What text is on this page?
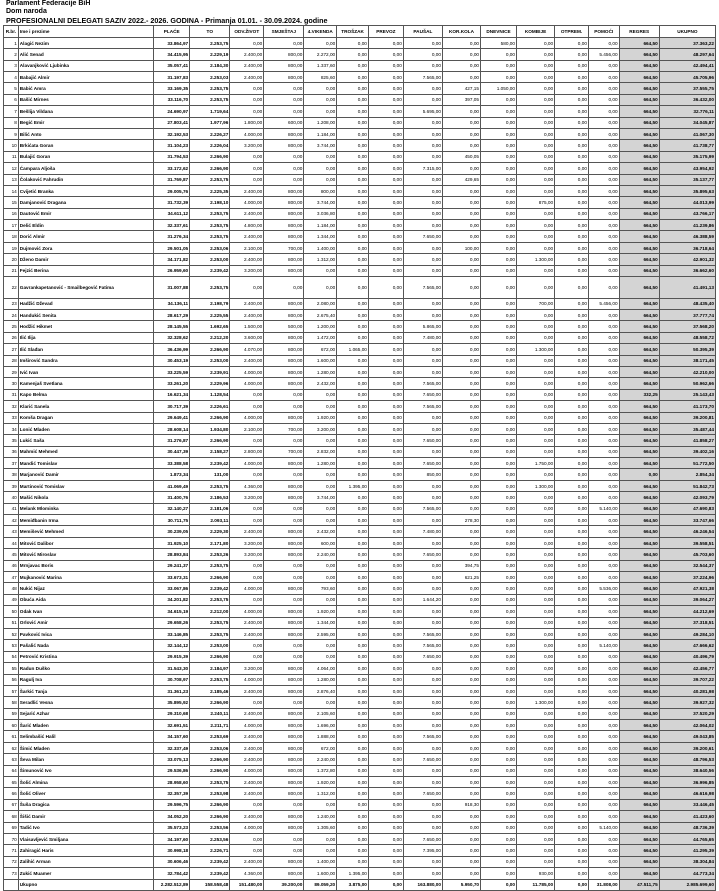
Parlament Federacije BiH
Dom naroda
PROFESIONALNI DELEGATI SAZIV 2022.- 2026. GODINA - Primanja 01.01. - 30.09.2024. godine
R.br.	Ime i prezime	PLAĆE	TO	ODV.ŽIVOT	SMJEŠTAJ	4.VIKENDA	TROŠZAK	PREVOZ	PAUŠAL	KOR.KOLA	DNEVNICE	KOMBIJE	OTPREM.	POMOĆI	REGRES	UKUPNO
1	Alagić Nezim	33.864,97	2.253,75	0,00	0,00	0,00	0,00	0,00	0,00	0,00	580,00	0,00	0,00	0,00	664,50	37.363,22
2	Alić Senad	34.415,95	2.229,19	2.400,00	800,00	2.272,00	0,00	0,00	0,00	0,00	0,00	0,00	0,00	5.456,00	664,50	48.297,64
3	Alavanjković Ljubinka	35.057,41	2.184,30	2.400,00	800,00	1.337,60	0,00	0,00	0,00	0,00	0,00	0,00	0,00	0,00	664,50	42.494,41
4	Babajić Almir	31.197,83	2.253,03	2.400,00	800,00	825,60	0,00	0,00	7.565,00	0,00	0,00	0,00	0,00	0,00	664,50	45.705,96
5	Babić Amra	33.169,35	2.253,75	0,00	0,00	0,00	0,00	0,00	0,00	427,15	1.050,00	0,00	0,00	0,00	664,50	37.555,75
6	Bašić Mirnes	33.116,70	2.253,75	0,00	0,00	0,00	0,00	0,00	0,00	397,05	0,00	0,00	0,00	0,00	664,50	36.432,00
7	Bešlija Vildana	24.690,97	1.719,64	0,00	0,00	0,00	0,00	0,00	5.695,00	0,00	0,00	0,00	0,00	0,00	664,50	32.776,11
8	Begić Emir	27.803,41	1.977,96	1.800,00	600,00	1.208,00	0,00	0,00	0,00	0,00	0,00	0,00	0,00	0,00	664,50	34.045,87
9	Bilić Anto	32.192,53	2.226,27	4.000,00	800,00	1.184,00	0,00	0,00	0,00	0,00	0,00	0,00	0,00	0,00	664,50	41.067,30
10	Brkićata Goran	31.104,23	2.226,04	3.200,00	800,00	3.744,00	0,00	0,00	0,00	0,00	0,00	0,00	0,00	0,00	664,50	41.738,77
11	Bulajić Goran	31.794,53	2.266,90	0,00	0,00	0,00	0,00	0,00	0,00	450,05	0,00	0,00	0,00	0,00	664,50	35.175,99
12	Ćampara Aljoša	33.172,62	2.266,90	0,00	0,00	0,00	0,00	0,00	7.315,00	0,00	0,00	0,00	0,00	0,00	664,50	43.954,92
13	Čolaković Fahrudin	31.769,87	2.253,75	0,00	0,00	0,00	0,00	0,00	0,00	429,65	0,00	0,00	0,00	0,00	664,50	35.137,77
14	Cvijetić Branka	29.005,76	2.225,35	2.400,00	800,00	800,00	0,00	0,00	0,00	0,00	0,00	0,00	0,00	0,00	664,50	35.895,63
15	Damjanović Dragana	31.732,39	2.198,10	4.000,00	800,00	3.744,00	0,00	0,00	0,00	0,00	0,00	875,00	0,00	0,00	664,50	44.013,99
16	Dautović Emir	34.611,12	2.253,75	2.400,00	800,00	3.036,80	0,00	0,00	0,00	0,00	0,00	0,00	0,00	0,00	664,50	43.766,17
17	Delić Eldin	32.337,61	2.253,75	4.800,00	800,00	1.184,00	0,00	0,00	0,00	0,00	0,00	0,00	0,00	0,00	664,50	41.239,86
18	Dorić Almir	31.276,34	2.253,75	2.400,00	800,00	1.344,00	0,00	0,00	7.650,00	0,00	0,00	0,00	0,00	0,00	664,50	46.388,59
19	Dujmović Zora	29.501,05	2.253,06	2.100,00	700,00	1.400,00	0,00	0,00	0,00	100,00	0,00	0,00	0,00	0,00	664,50	36.718,64
20	Dženo Damir	34.171,82	2.253,00	2.400,00	800,00	1.312,00	0,00	0,00	0,00	0,00	0,00	1.300,00	0,00	0,00	664,50	42.901,32
21	Fejzić Berina	26.959,60	2.239,42	3.200,00	800,00	0,00	0,00	0,00	0,00	0,00	0,00	0,00	0,00	0,00	664,50	36.662,60
22	Gavrankapetanović - Smailbegović Fatima	31.007,88	2.253,75	0,00	0,00	0,00	0,00	0,00	7.565,00	0,00	0,00	0,00	0,00	0,00	664,50	41.491,13
23	Hadžić Dževad	34.136,11	2.198,79	2.400,00	800,00	2.080,00	0,00	0,00	0,00	0,00	0,00	700,00	0,00	5.456,00	664,50	48.435,40
24	Handukić Senita	28.617,29	2.225,55	2.400,00	800,00	2.675,40	0,00	0,00	0,00	0,00	0,00	0,00	0,00	0,00	664,50	37.777,74
25	Hodžić Hikmet	28.145,55	1.692,65	1.500,00	500,00	1.200,00	0,00	0,00	5.865,00	0,00	0,00	0,00	0,00	0,00	664,50	37.568,20
26	Ilić Ilija	32.328,62	2.212,20	3.600,00	800,00	1.472,00	0,00	0,00	7.480,00	0,00	0,00	0,00	0,00	0,00	664,50	48.558,72
27	Ilić Slađan	36.436,99	2.266,90	4.070,00	800,00	672,00	1.065,00	0,00	0,00	0,00	0,00	1.300,00	0,00	0,00	664,50	50.395,39
28	Imširović Sandra	30.453,19	2.253,00	2.400,00	800,00	1.600,00	0,00	0,00	0,00	0,00	0,00	0,00	0,00	0,00	664,50	38.171,45
29	Ivić Ivan	33.225,59	2.239,91	4.000,00	800,00	1.280,00	0,00	0,00	0,00	0,00	0,00	0,00	0,00	0,00	664,50	42.210,00
30	Kamenjaš Svetlana	33.261,20	2.229,96	4.000,00	800,00	2.432,00	0,00	0,00	7.565,00	0,00	0,00	0,00	0,00	0,00	664,50	50.962,66
31	Kapo Belma	16.621,34	1.128,54	0,00	0,00	0,00	0,00	0,00	7.650,00	0,00	0,00	0,00	0,00	0,00	332,25	25.143,43
32	Klarić Sanela	30.717,39	2.226,61	0,00	0,00	0,00	0,00	0,00	7.565,00	0,00	0,00	0,00	0,00	0,00	664,50	41.173,70
33	Komša Dragan	29.649,41	2.266,90	4.000,00	800,00	1.920,00	0,00	0,00	0,00	0,00	0,00	0,00	0,00	0,00	664,50	39.200,81
34	Lonić Mladen	28.608,14	1.934,80	2.100,00	700,00	3.200,00	0,00	0,00	0,00	0,00	0,00	0,00	0,00	0,00	664,50	35.487,44
35	Lukić Saša	31.276,87	2.266,90	0,00	0,00	0,00	0,00	0,00	7.650,00	0,00	0,00	0,00	0,00	0,00	664,50	41.858,27
36	Mahmić Mehmed	30.447,39	2.158,27	2.800,00	700,00	2.832,00	0,00	0,00	0,00	0,00	0,00	0,00	0,00	0,00	664,50	39.402,16
37	Mandić Tomislav	33.388,58	2.239,42	4.000,00	800,00	1.280,00	0,00	0,00	7.650,00	0,00	0,00	1.750,00	0,00	0,00	664,50	51.772,50
38	Marjanović Damir	1.873,34	131,00	0,00	0,00	0,00	0,00	0,00	850,00	0,00	0,00	0,00	0,00	0,00	0,00	2.854,34
39	Martinović Tomislav	41.069,49	2.253,75	4.360,00	800,00	0,00	1.395,00	0,00	0,00	0,00	0,00	1.300,00	0,00	0,00	664,50	51.842,73
40	Mašić Nikola	31.400,76	2.186,53	3.200,00	800,00	3.744,00	0,00	0,00	0,00	0,00	0,00	0,00	0,00	0,00	664,50	42.093,79
41	Melank Mlominka	32.140,27	2.181,06	0,00	0,00	0,00	0,00	0,00	7.565,00	0,00	0,00	0,00	0,00	5.140,00	664,50	47.690,83
42	Memiđbanin Irma	30.711,75	2.093,11	0,00	0,00	0,00	0,00	0,00	0,00	278,30	0,00	0,00	0,00	0,00	664,50	33.747,66
43	Memišević Mehmed	30.239,05	2.229,30	2.400,00	800,00	2.432,00	0,00	0,00	7.480,00	0,00	0,00	0,00	0,00	0,00	664,50	46.246,54
44	Mitović Dalibor	31.925,10	2.171,80	3.200,00	800,00	600,00	0,00	0,00	0,00	0,00	0,00	0,00	0,00	0,00	664,50	39.558,51
45	Mitović Miroslav	28.893,84	2.253,26	3.200,00	800,00	2.240,00	0,00	0,00	7.650,00	0,00	0,00	0,00	0,00	0,00	664,50	45.703,60
46	Mrnjavac Boris	29.241,37	2.253,75	0,00	0,00	0,00	0,00	0,00	0,00	394,75	0,00	0,00	0,00	0,00	664,50	32.544,37
47	Mujkanović Marina	33.673,31	2.266,90	0,00	0,00	0,00	0,00	0,00	0,00	621,25	0,00	0,00	0,00	0,00	664,50	37.224,96
48	Nukić Nijaz	33.067,86	2.239,42	4.000,00	800,00	793,60	0,00	0,00	0,00	0,00	0,00	0,00	0,00	5.536,00	664,50	47.921,38
49	Obuća Aida	34.201,82	2.253,75	0,00	0,00	0,00	0,00	0,00	1.644,20	0,00	0,00	0,00	0,00	0,00	664,50	39.064,27
50	Odak Ivan	34.615,19	2.212,00	4.000,00	800,00	1.920,00	0,00	0,00	0,00	0,00	0,00	0,00	0,00	0,00	664,50	44.212,69
51	Orlović Amir	29.658,26	2.253,75	2.400,00	800,00	1.344,00	0,00	0,00	0,00	0,00	0,00	0,00	0,00	0,00	664,50	37.318,51
52	Pavković Ivica	33.146,85	2.253,75	2.400,00	800,00	2.595,00	0,00	0,00	7.565,00	0,00	0,00	0,00	0,00	0,00	664,50	49.284,10
53	Pašalić Nada	32.144,12	2.253,00	0,00	0,00	0,00	0,00	0,00	7.565,00	0,00	0,00	0,00	0,00	5.140,00	664,50	47.666,62
54	Petrović Kristina	29.915,39	2.266,90	0,00	0,00	0,00	0,00	0,00	7.650,00	0,00	0,00	0,00	0,00	0,00	664,50	40.496,79
55	Radun Duško	31.543,30	2.184,97	3.200,00	800,00	4.064,00	0,00	0,00	0,00	0,00	0,00	0,00	0,00	0,00	664,50	42.456,77
56	Ragulj Iva	30.708,97	2.253,75	4.000,00	800,00	1.280,00	0,00	0,00	0,00	0,00	0,00	0,00	0,00	0,00	664,50	39.707,22
57	Šarkić Tanja	31.361,23	2.185,46	2.400,00	800,00	2.876,40	0,00	0,00	0,00	0,00	0,00	0,00	0,00	0,00	664,50	40.281,98
58	Seradlić Vesna	35.895,92	2.266,90	0,00	0,00	0,00	0,00	0,00	0,00	0,00	0,00	1.300,00	0,00	0,00	664,50	39.927,32
59	Sejarić Azhar	29.310,68	2.240,11	2.400,00	800,00	2.105,60	0,00	0,00	0,00	0,00	0,00	0,00	0,00	0,00	664,50	37.520,29
60	Šarić Mladen	32.691,51	2.211,71	4.000,00	800,00	1.696,00	0,00	0,00	0,00	0,00	0,00	0,00	0,00	0,00	664,50	42.064,02
61	Selimbašić Halil	34.157,60	2.253,69	2.400,00	800,00	1.888,00	0,00	0,00	7.565,00	0,00	0,00	0,00	0,00	0,00	664,50	49.043,85
62	Šimić Mladen	32.337,49	2.253,06	2.400,00	800,00	672,00	0,00	0,00	0,00	0,00	0,00	0,00	0,00	0,00	664,50	39.200,61
63	Ševa Milan	33.075,13	2.266,90	2.400,00	800,00	2.240,00	0,00	0,00	7.650,00	0,00	0,00	0,00	0,00	0,00	664,50	48.796,53
64	Šimunović Ivo	29.536,86	2.266,90	4.000,00	800,00	1.372,80	0,00	0,00	0,00	0,00	0,00	0,00	0,00	0,00	664,50	38.640,56
65	Šolić Almina	28.958,60	2.253,75	2.400,00	800,00	1.920,00	0,00	0,00	0,00	0,00	0,00	0,00	0,00	0,00	664,50	36.996,85
66	Šolić Oliver	32.357,39	2.253,98	2.400,00	800,00	1.312,00	0,00	0,00	7.650,00	0,00	0,00	0,00	0,00	0,00	664,50	46.616,98
67	Šuša Dragica	29.596,75	2.266,90	0,00	0,00	0,00	0,00	0,00	0,00	918,30	0,00	0,00	0,00	0,00	664,50	33.446,45
68	Šišić Damir	34.052,20	2.266,90	2.400,00	800,00	1.240,00	0,00	0,00	0,00	0,00	0,00	0,00	0,00	0,00	664,50	41.423,60
69	Tadić Ivo	35.573,23	2.253,56	4.000,00	800,00	1.305,60	0,00	0,00	0,00	0,00	0,00	0,00	0,00	5.140,00	664,50	48.736,39
70	Vlaisavljević Smiljana	34.197,60	2.253,56	0,00	0,00	0,00	0,00	0,00	7.650,00	0,00	0,00	0,00	0,00	0,00	664,50	44.765,65
71	Zahiragić Haris	30.998,18	2.226,71	0,00	0,00	0,00	0,00	0,00	7.395,00	0,00	0,00	0,00	0,00	0,00	664,50	41.295,39
72	Zalihić Arman	30.606,46	2.239,42	2.400,00	800,00	1.400,00	0,00	0,00	0,00	0,00	0,00	0,00	0,00	0,00	664,50	38.304,84
73	Zukić Muamer	32.784,42	2.239,42	4.360,00	800,00	1.600,00	1.395,00	0,00	0,00	0,00	0,00	930,00	0,00	0,00	664,50	44.773,34
	Ukupno	2.282.512,89	158.558,48	151.480,00	39.200,00	89.059,20	3.875,00	0,00	163.880,00	5.950,70	0,00	11.785,00	0,00	31.808,00	47.511,75	2.985.699,60
